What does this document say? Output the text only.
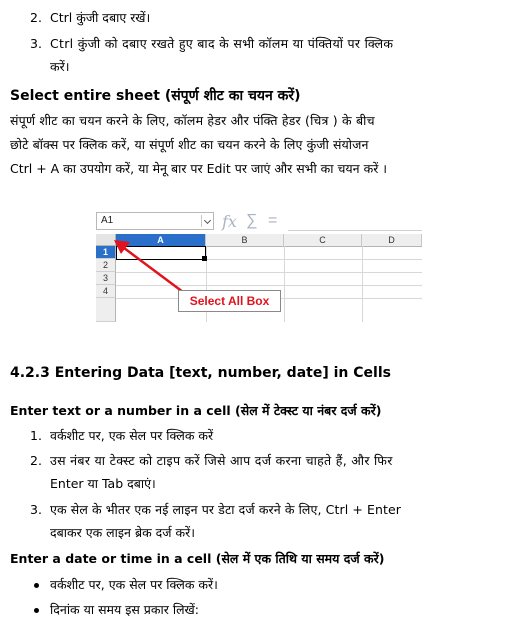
2. Ctrl कुंजी दबाए रखें।
3. Ctrl कुंजी को दबाए रखते हुए बाद के सभी कॉलम या पंक्तियों पर क्लिक
करें।
Select entire sheet (संपूर्ण शीट का चयन करें)
संपूर्ण शीट का चयन करने के लिए, कॉलम हेडर और पंक्ति हेडर (चित्र ) के बीच
छोटे बॉक्स पर क्लिक करें, या संपूर्ण शीट का चयन करने के लिए कुंजी संयोजन
Ctrl + A का उपयोग करें, या मेनू बार पर Edit पर जाएं और सभी का चयन करें ।
A1	fx ∑ =
A	B	C	D
1
2
3
4
Select All Box
4.2.3 Entering Data [text, number, date] in Cells
Enter text or a number in a cell (सेल में टेक्स्ट या नंबर दर्ज करें)
1. वर्कशीट पर, एक सेल पर क्लिक करें
2. उस नंबर या टेक्स्ट को टाइप करें जिसे आप दर्ज करना चाहते हैं, और फिर
Enter या Tab दबाएं।
3. एक सेल के भीतर एक नई लाइन पर डेटा दर्ज करने के लिए, Ctrl + Enter
दबाकर एक लाइन ब्रेक दर्ज करें।
Enter a date or time in a cell (सेल में एक तिथि या समय दर्ज करें)
वर्कशीट पर, एक सेल पर क्लिक करें।
दिनांक या समय इस प्रकार लिखें:
